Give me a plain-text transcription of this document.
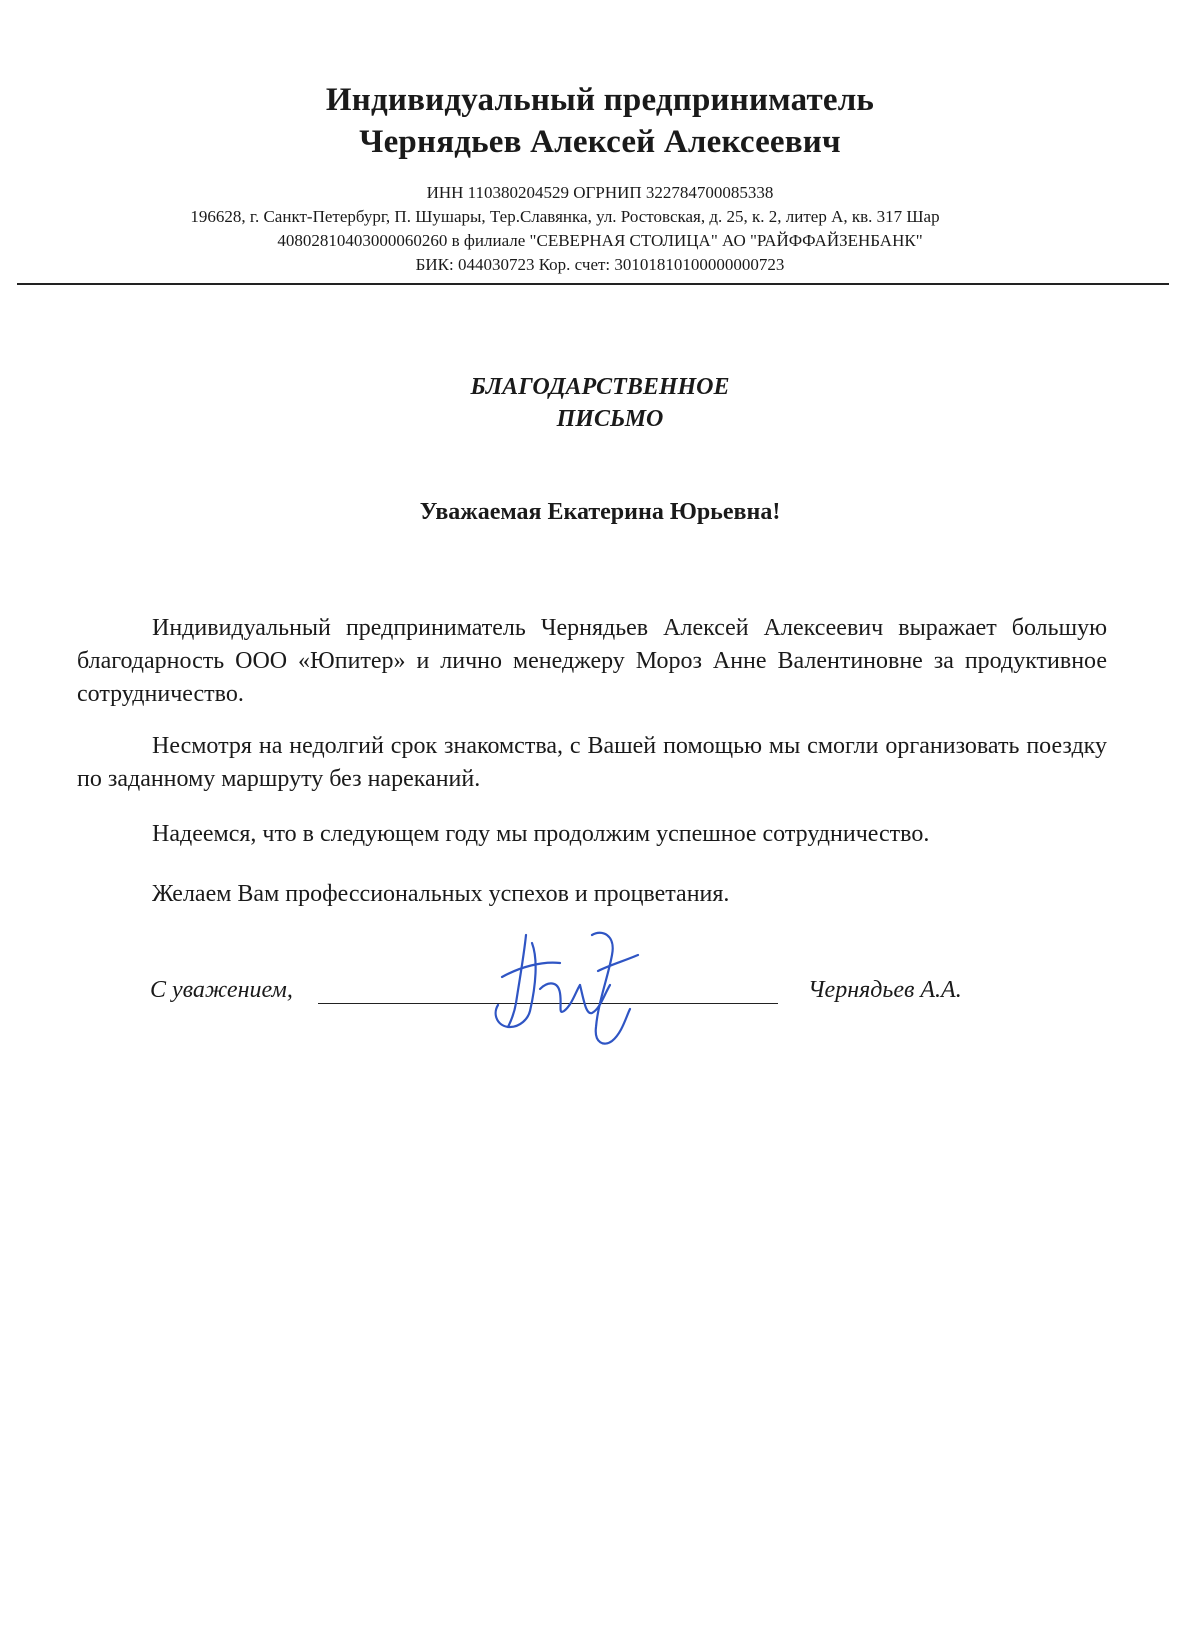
Индивидуальный предприниматель
Чернядьев Алексей Алексеевич
ИНН 110380204529 ОГРНИП 322784700085338
196628, г. Санкт-Петербург, П. Шушары, Тер.Славянка, ул. Ростовская, д. 25, к. 2, литер А, кв. 317 Шар
40802810403000060260 в филиале "СЕВЕРНАЯ СТОЛИЦА" АО "РАЙФФАЙЗЕНБАНК"
БИК: 044030723 Кор. счет: 30101810100000000723
БЛАГОДАРСТВЕННОЕ
ПИСЬМО
Уважаемая Екатерина Юрьевна!
Индивидуальный предприниматель Чернядьев Алексей Алексеевич выражает большую благодарность ООО «Юпитер» и лично менеджеру Мороз Анне Валентиновне за продуктивное сотрудничество.
Несмотря на недолгий срок знакомства, с Вашей помощью мы смогли организовать поездку по заданному маршруту без нареканий.
Надеемся, что в следующем году мы продолжим успешное сотрудничество.
Желаем Вам профессиональных успехов и процветания.
С уважением,	Чернядьев А.А.
